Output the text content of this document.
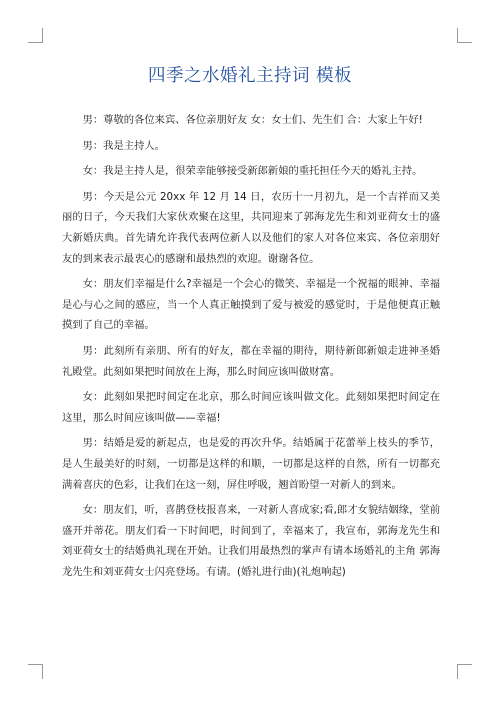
四季之水婚礼主持词 模板

男：尊敬的各位来宾、各位亲朋好友 女：女士们、先生们 合：大家上午好!

男：我是主持人。

女：我是主持人是，很荣幸能够接受新郎新娘的重托担任今天的婚礼主持。

男：今天是公元 20xx 年 12 月 14 日，农历十一月初九，是一个吉祥而又美丽的日子，今天我们大家伙欢聚在这里，共同迎来了郭海龙先生和刘亚荷女士的盛大新婚庆典。首先请允许我代表两位新人以及他们的家人对各位来宾、各位亲朋好友的到来表示最衷心的感谢和最热烈的欢迎。谢谢各位。

女：朋友们幸福是什么?幸福是一个会心的微笑、幸福是一个祝福的眼神、幸福是心与心之间的感应，当一个人真正触摸到了爱与被爱的感觉时，于是他便真正触摸到了自己的幸福。

男：此刻所有亲朋、所有的好友，都在幸福的期待，期待新郎新娘走进神圣婚礼殿堂。此刻如果把时间放在上海，那么时间应该叫做财富。

女：此刻如果把时间定在北京，那么时间应该叫做文化。此刻如果把时间定在这里，那么时间应该叫做——幸福!

男：结婚是爱的新起点，也是爱的再次升华。结婚属于花蕾举上枝头的季节，是人生最美好的时刻，一切都是这样的和顺，一切都是这样的自然，所有一切都充满着喜庆的色彩，让我们在这一刻，屏住呼吸，翘首盼望一对新人的到来。

女：朋友们，听，喜鹊登枝报喜来，一对新人喜成家;看,郎才女貌结姻缘，堂前盛开并蒂花。朋友们看一下时间吧，时间到了，幸福来了，我宣布，郭海龙先生和刘亚荷女士的结婚典礼现在开始。让我们用最热烈的掌声有请本场婚礼的主角 郭海龙先生和刘亚荷女士闪亮登场。有请。(婚礼进行曲)(礼炮响起)
